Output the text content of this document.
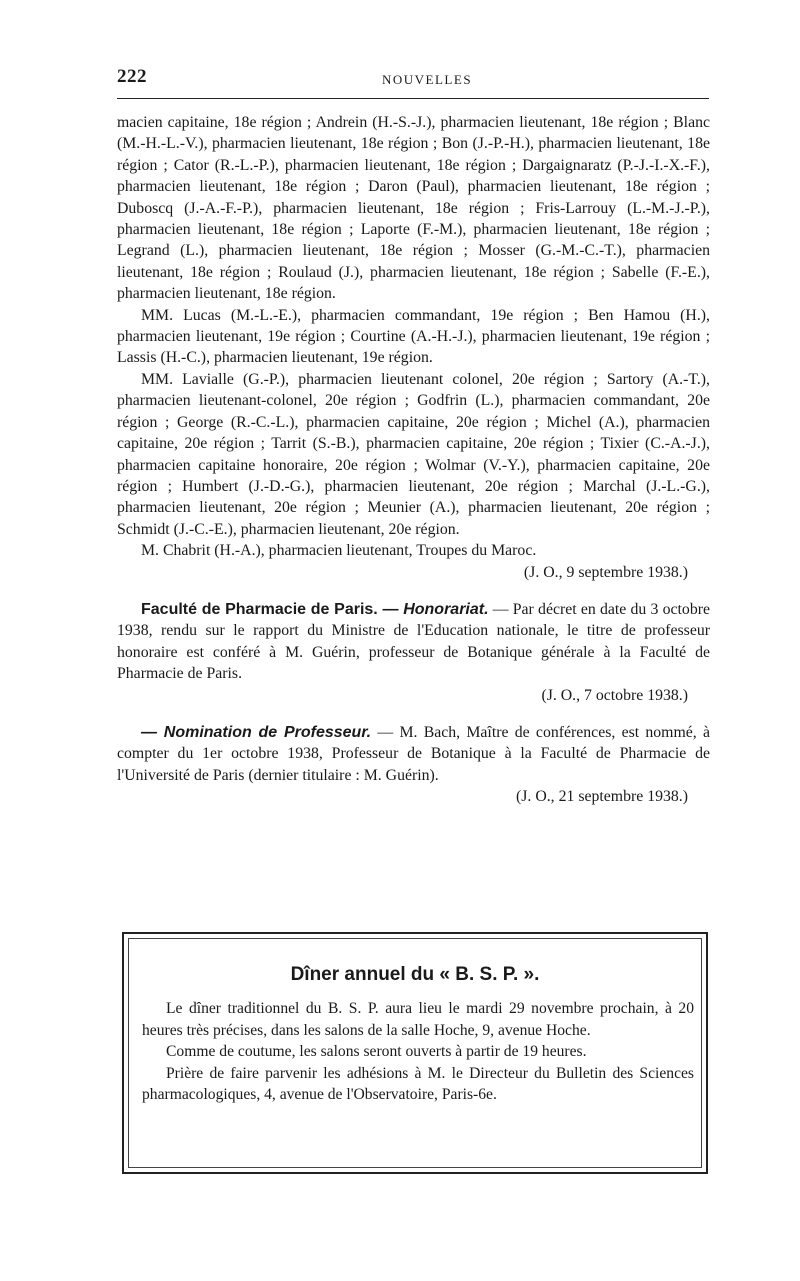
222	NOUVELLES

macien capitaine, 18e région ; Andrein (H.-S.-J.), pharmacien lieutenant, 18e région ; Blanc (M.-H.-L.-V.), pharmacien lieutenant, 18e région ; Bon (J.-P.-H.), pharmacien lieutenant, 18e région ; Cator (R.-L.-P.), pharmacien lieutenant, 18e région ; Dargaignaratz (P.-J.-I.-X.-F.), pharmacien lieutenant, 18e région ; Daron (Paul), pharmacien lieutenant, 18e région ; Duboscq (J.-A.-F.-P.), pharmacien lieutenant, 18e région ; Fris-Larrouy (L.-M.-J.-P.), pharmacien lieutenant, 18e région ; Laporte (F.-M.), pharmacien lieutenant, 18e région ; Legrand (L.), pharmacien lieutenant, 18e région ; Mosser (G.-M.-C.-T.), pharmacien lieutenant, 18e région ; Roulaud (J.), pharmacien lieutenant, 18e région ; Sabelle (F.-E.), pharmacien lieutenant, 18e région.

MM. Lucas (M.-L.-E.), pharmacien commandant, 19e région ; Ben Hamou (H.), pharmacien lieutenant, 19e région ; Courtine (A.-H.-J.), pharmacien lieutenant, 19e région ; Lassis (H.-C.), pharmacien lieutenant, 19e région.

MM. Lavialle (G.-P.), pharmacien lieutenant colonel, 20e région ; Sartory (A.-T.), pharmacien lieutenant-colonel, 20e région ; Godfrin (L.), pharmacien commandant, 20e région ; George (R.-C.-L.), pharmacien capitaine, 20e région ; Michel (A.), pharmacien capitaine, 20e région ; Tarrit (S.-B.), pharmacien capitaine, 20e région ; Tixier (C.-A.-J.), pharmacien capitaine honoraire, 20e région ; Wolmar (V.-Y.), pharmacien capitaine, 20e région ; Humbert (J.-D.-G.), pharmacien lieutenant, 20e région ; Marchal (J.-L.-G.), pharmacien lieutenant, 20e région ; Meunier (A.), pharmacien lieutenant, 20e région ; Schmidt (J.-C.-E.), pharmacien lieutenant, 20e région.

M. Chabrit (H.-A.), pharmacien lieutenant, Troupes du Maroc.

(J. O., 9 septembre 1938.)

Faculté de Pharmacie de Paris. — Honorariat. — Par décret en date du 3 octobre 1938, rendu sur le rapport du Ministre de l'Education nationale, le titre de professeur honoraire est conféré à M. Guérin, professeur de Botanique générale à la Faculté de Pharmacie de Paris.

(J. O., 7 octobre 1938.)

— Nomination de Professeur. — M. Bach, Maître de conférences, est nommé, à compter du 1er octobre 1938, Professeur de Botanique à la Faculté de Pharmacie de l'Université de Paris (dernier titulaire : M. Guérin).

(J. O., 21 septembre 1938.)

Dîner annuel du « B. S. P. ».

Le dîner traditionnel du B. S. P. aura lieu le mardi 29 novembre prochain, à 20 heures très précises, dans les salons de la salle Hoche, 9, avenue Hoche.

Comme de coutume, les salons seront ouverts à partir de 19 heures.

Prière de faire parvenir les adhésions à M. le Directeur du Bulletin des Sciences pharmacologiques, 4, avenue de l'Observatoire, Paris-6e.
